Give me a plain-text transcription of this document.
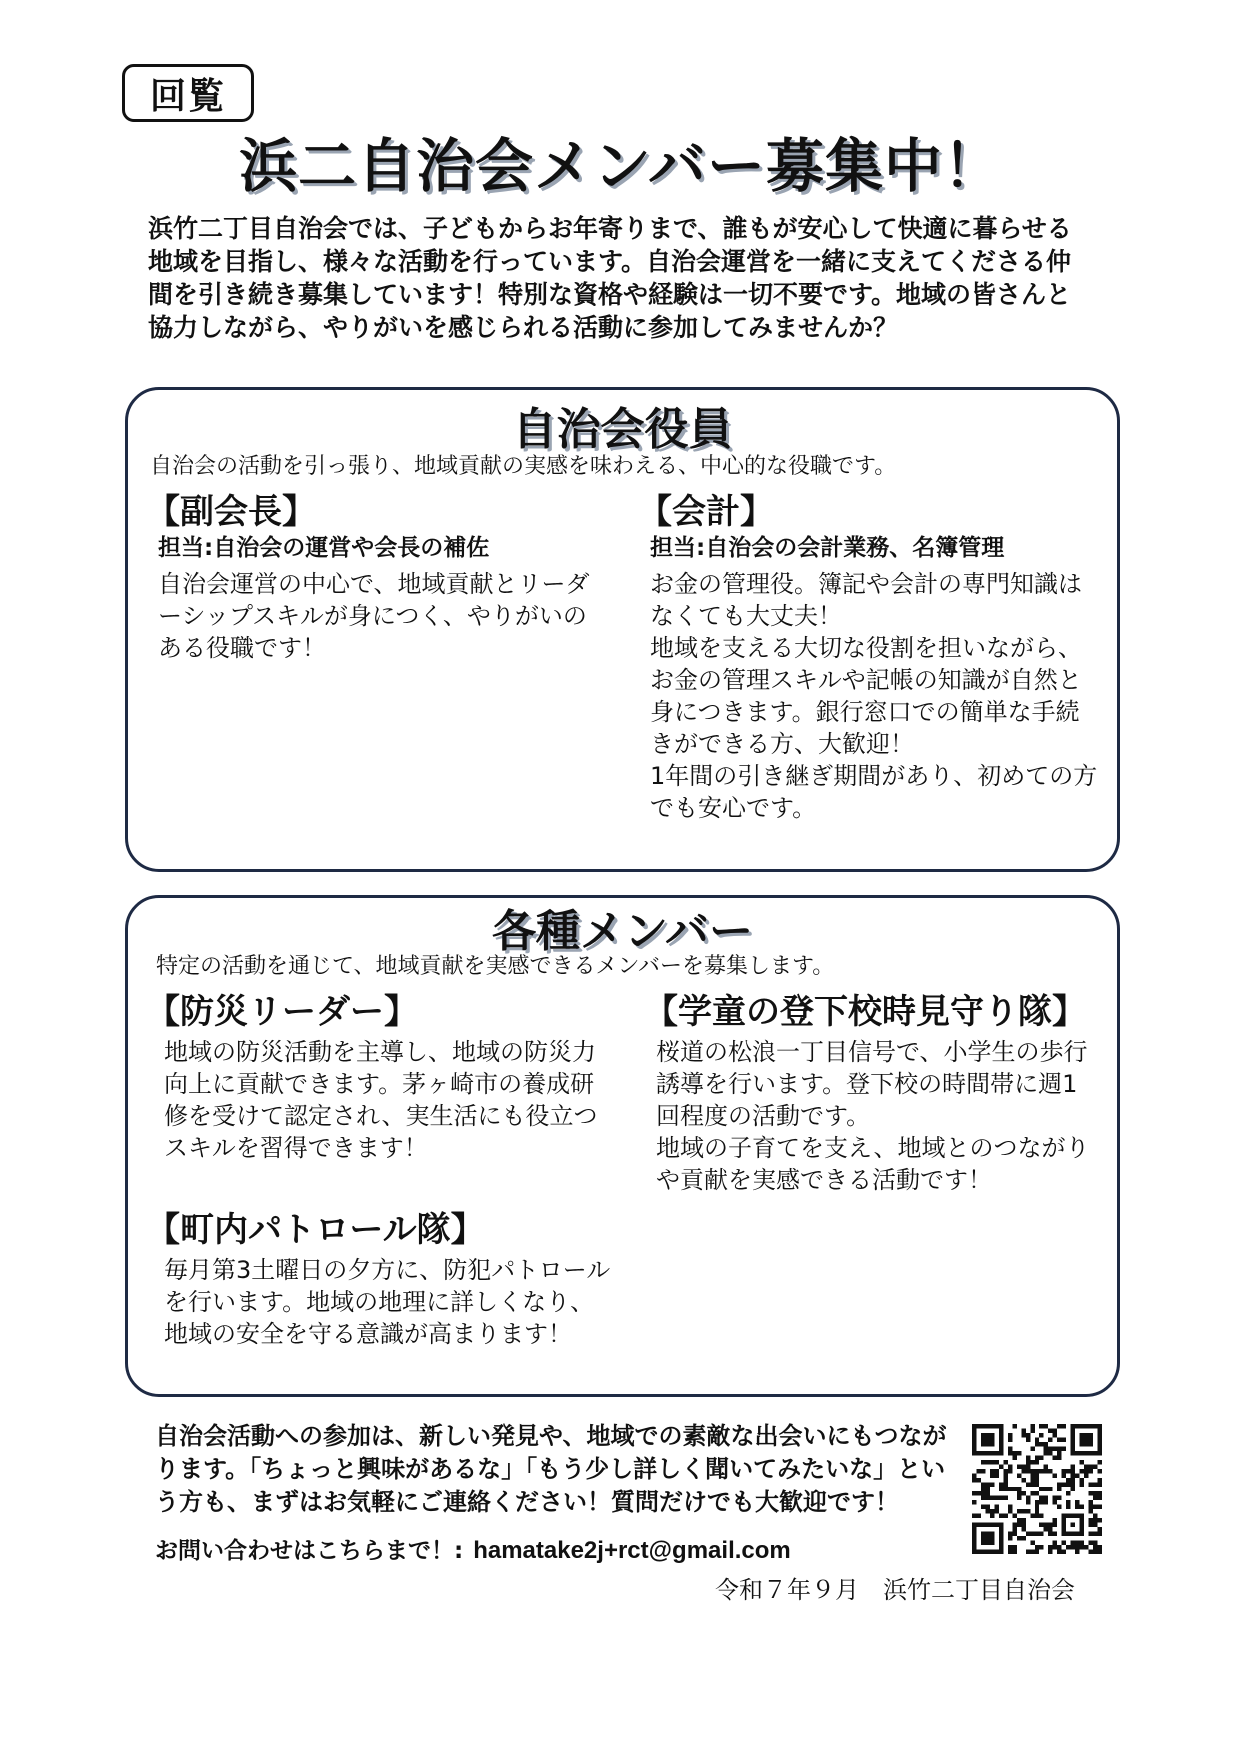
回覧
浜二自治会メンバー募集中！

浜竹二丁目自治会では、子どもからお年寄りまで、誰もが安心して快適に暮らせる地域を目指し、様々な活動を行っています。自治会運営を一緒に支えてくださる仲間を引き続き募集しています！特別な資格や経験は一切不要です。地域の皆さんと協力しながら、やりがいを感じられる活動に参加してみませんか？

自治会役員
自治会の活動を引っ張り、地域貢献の実感を味わえる、中心的な役職です。
【副会長】
担当:自治会の運営や会長の補佐

自治会運営の中心で、地域貢献とリーダーシップスキルが身につく、やりがいのある役職です！

【会計】
担当:自治会の会計業務、名簿管理

お金の管理役。簿記や会計の専門知識はなくても大丈夫！
地域を支える大切な役割を担いながら、お金の管理スキルや記帳の知識が自然と身につきます。銀行窓口での簡単な手続きができる方、大歓迎！
1年間の引き継ぎ期間があり、初めての方でも安心です。

各種メンバー
特定の活動を通じて、地域貢献を実感できるメンバーを募集します。
【防災リーダー】

地域の防災活動を主導し、地域の防災力向上に貢献できます。茅ヶ崎市の養成研修を受けて認定され、実生活にも役立つスキルを習得できます！

【学童の登下校時見守り隊】

桜道の松浪一丁目信号で、小学生の歩行誘導を行います。登下校の時間帯に週1回程度の活動です。
地域の子育てを支え、地域とのつながりや貢献を実感できる活動です！

【町内パトロール隊】

毎月第3土曜日の夕方に、防犯パトロールを行います。地域の地理に詳しくなり、地域の安全を守る意識が高まります！

自治会活動への参加は、新しい発見や、地域での素敵な出会いにもつながります。「ちょっと興味があるな」「もう少し詳しく聞いてみたいな」という方も、まずはお気軽にご連絡ください！質問だけでも大歓迎です！

お問い合わせはこちらまで！: hamatake2j+rct@gmail.com
令和７年９月　 浜竹二丁目自治会
